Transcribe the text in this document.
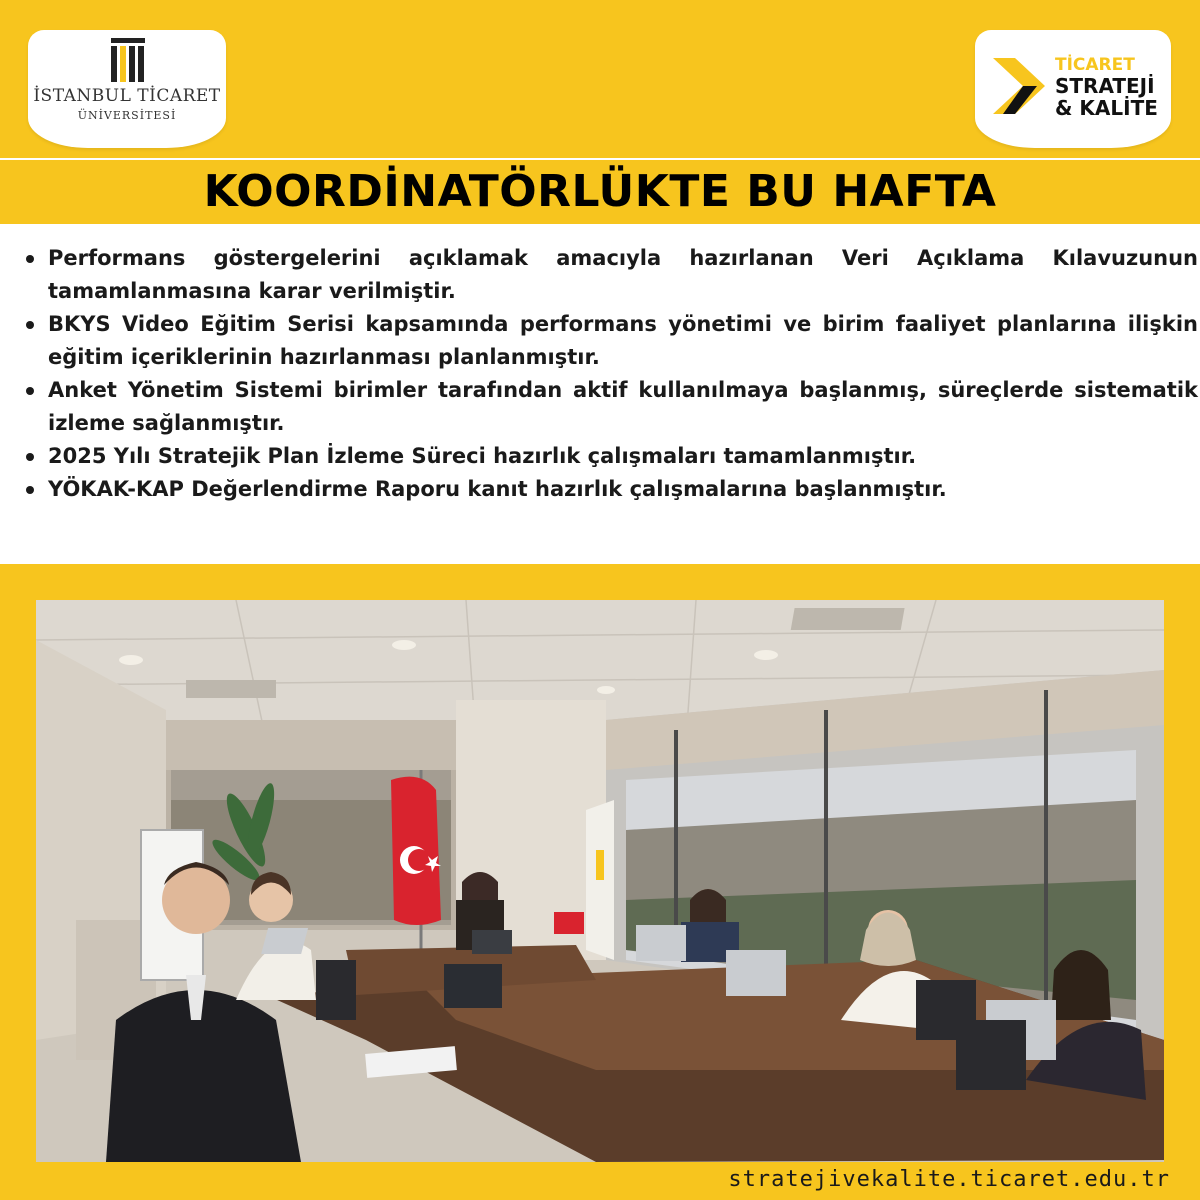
İSTANBUL TİCARET
ÜNİVERSİTESİ
TİCARET
STRATEJİ
& KALİTE
KOORDİNATÖRLÜKTE BU HAFTA
Performans göstergelerini açıklamak amacıyla hazırlanan Veri Açıklama Kılavuzunun tamamlanmasına karar verilmiştir.
BKYS Video Eğitim Serisi kapsamında performans yönetimi ve birim faaliyet planlarına ilişkin eğitim içeriklerinin hazırlanması planlanmıştır.
Anket Yönetim Sistemi birimler tarafından aktif kullanılmaya başlanmış, süreçlerde sistematik izleme sağlanmıştır.
2025 Yılı Stratejik Plan İzleme Süreci hazırlık çalışmaları tamamlanmıştır.
YÖKAK-KAP Değerlendirme Raporu kanıt hazırlık çalışmalarına başlanmıştır.
stratejivekalite.ticaret.edu.tr
